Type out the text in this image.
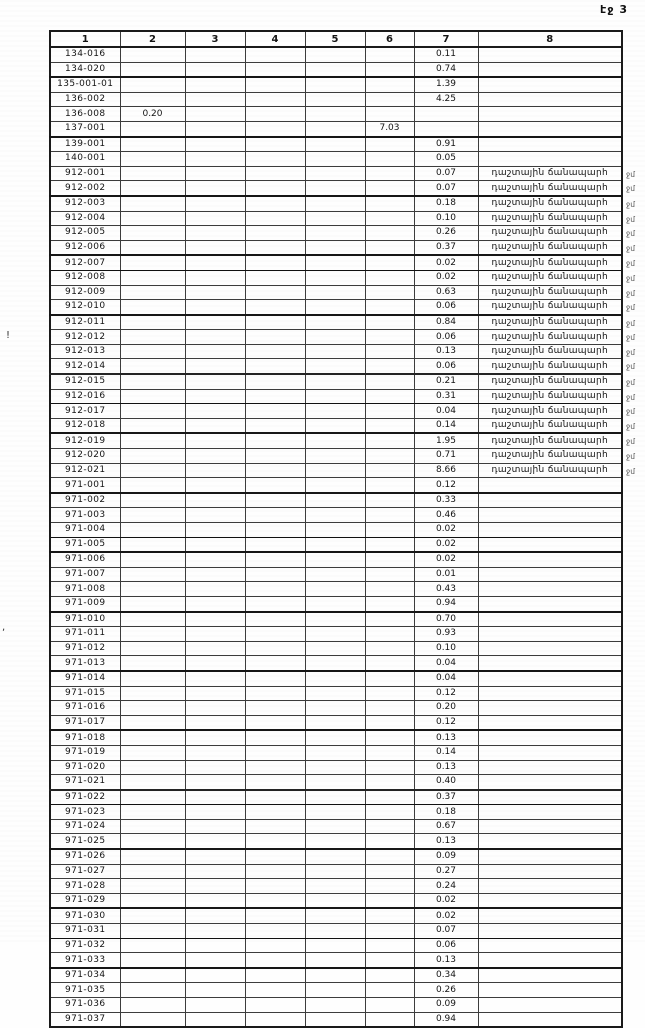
էջ 3
!
,
1	2	3	4	5	6	7	8
134-016						0.11	
134-020						0.74	
135-001-01						1.39	
136-002						4.25	
136-008	0.20						
137-001					7.03		
139-001						0.91	
140-001						0.05	
912-001						0.07	դաշտային ճանապարհ ջմ

912-002						0.07	դաշտային ճանապարհ ջմ

912-003						0.18	դաշտային ճանապարհ ջմ

912-004						0.10	դաշտային ճանապարհ ջմ

912-005						0.26	դաշտային ճանապարհ ջմ

912-006						0.37	դաշտային ճանապարհ ջմ

912-007						0.02	դաշտային ճանապարհ ջմ

912-008						0.02	դաշտային ճանապարհ ջմ

912-009						0.63	դաշտային ճանապարհ ջմ

912-010						0.06	դաշտային ճանապարհ ջմ

912-011						0.84	դաշտային ճանապարհ ջմ

912-012						0.06	դաշտային ճանապարհ ջմ

912-013						0.13	դաշտային ճանապարհ ջմ

912-014						0.06	դաշտային ճանապարհ ջմ

912-015						0.21	դաշտային ճանապարհ ջմ

912-016						0.31	դաշտային ճանապարհ ջմ

912-017						0.04	դաշտային ճանապարհ ջմ

912-018						0.14	դաշտային ճանապարհ ջմ

912-019						1.95	դաշտային ճանապարհ ջմ

912-020						0.71	դաշտային ճանապարհ ջմ

912-021						8.66	դաշտային ճանապարհ ջմ

971-001						0.12	
971-002						0.33	
971-003						0.46	
971-004						0.02	
971-005						0.02	
971-006						0.02	
971-007						0.01	
971-008						0.43	
971-009						0.94	
971-010						0.70	
971-011						0.93	
971-012						0.10	
971-013						0.04	
971-014						0.04	
971-015						0.12	
971-016						0.20	
971-017						0.12	
971-018						0.13	
971-019						0.14	
971-020						0.13	
971-021						0.40	
971-022						0.37	
971-023						0.18	
971-024						0.67	
971-025						0.13	
971-026						0.09	
971-027						0.27	
971-028						0.24	
971-029						0.02	
971-030						0.02	
971-031						0.07	
971-032						0.06	
971-033						0.13	
971-034						0.34	
971-035						0.26	
971-036						0.09	
971-037						0.94	
